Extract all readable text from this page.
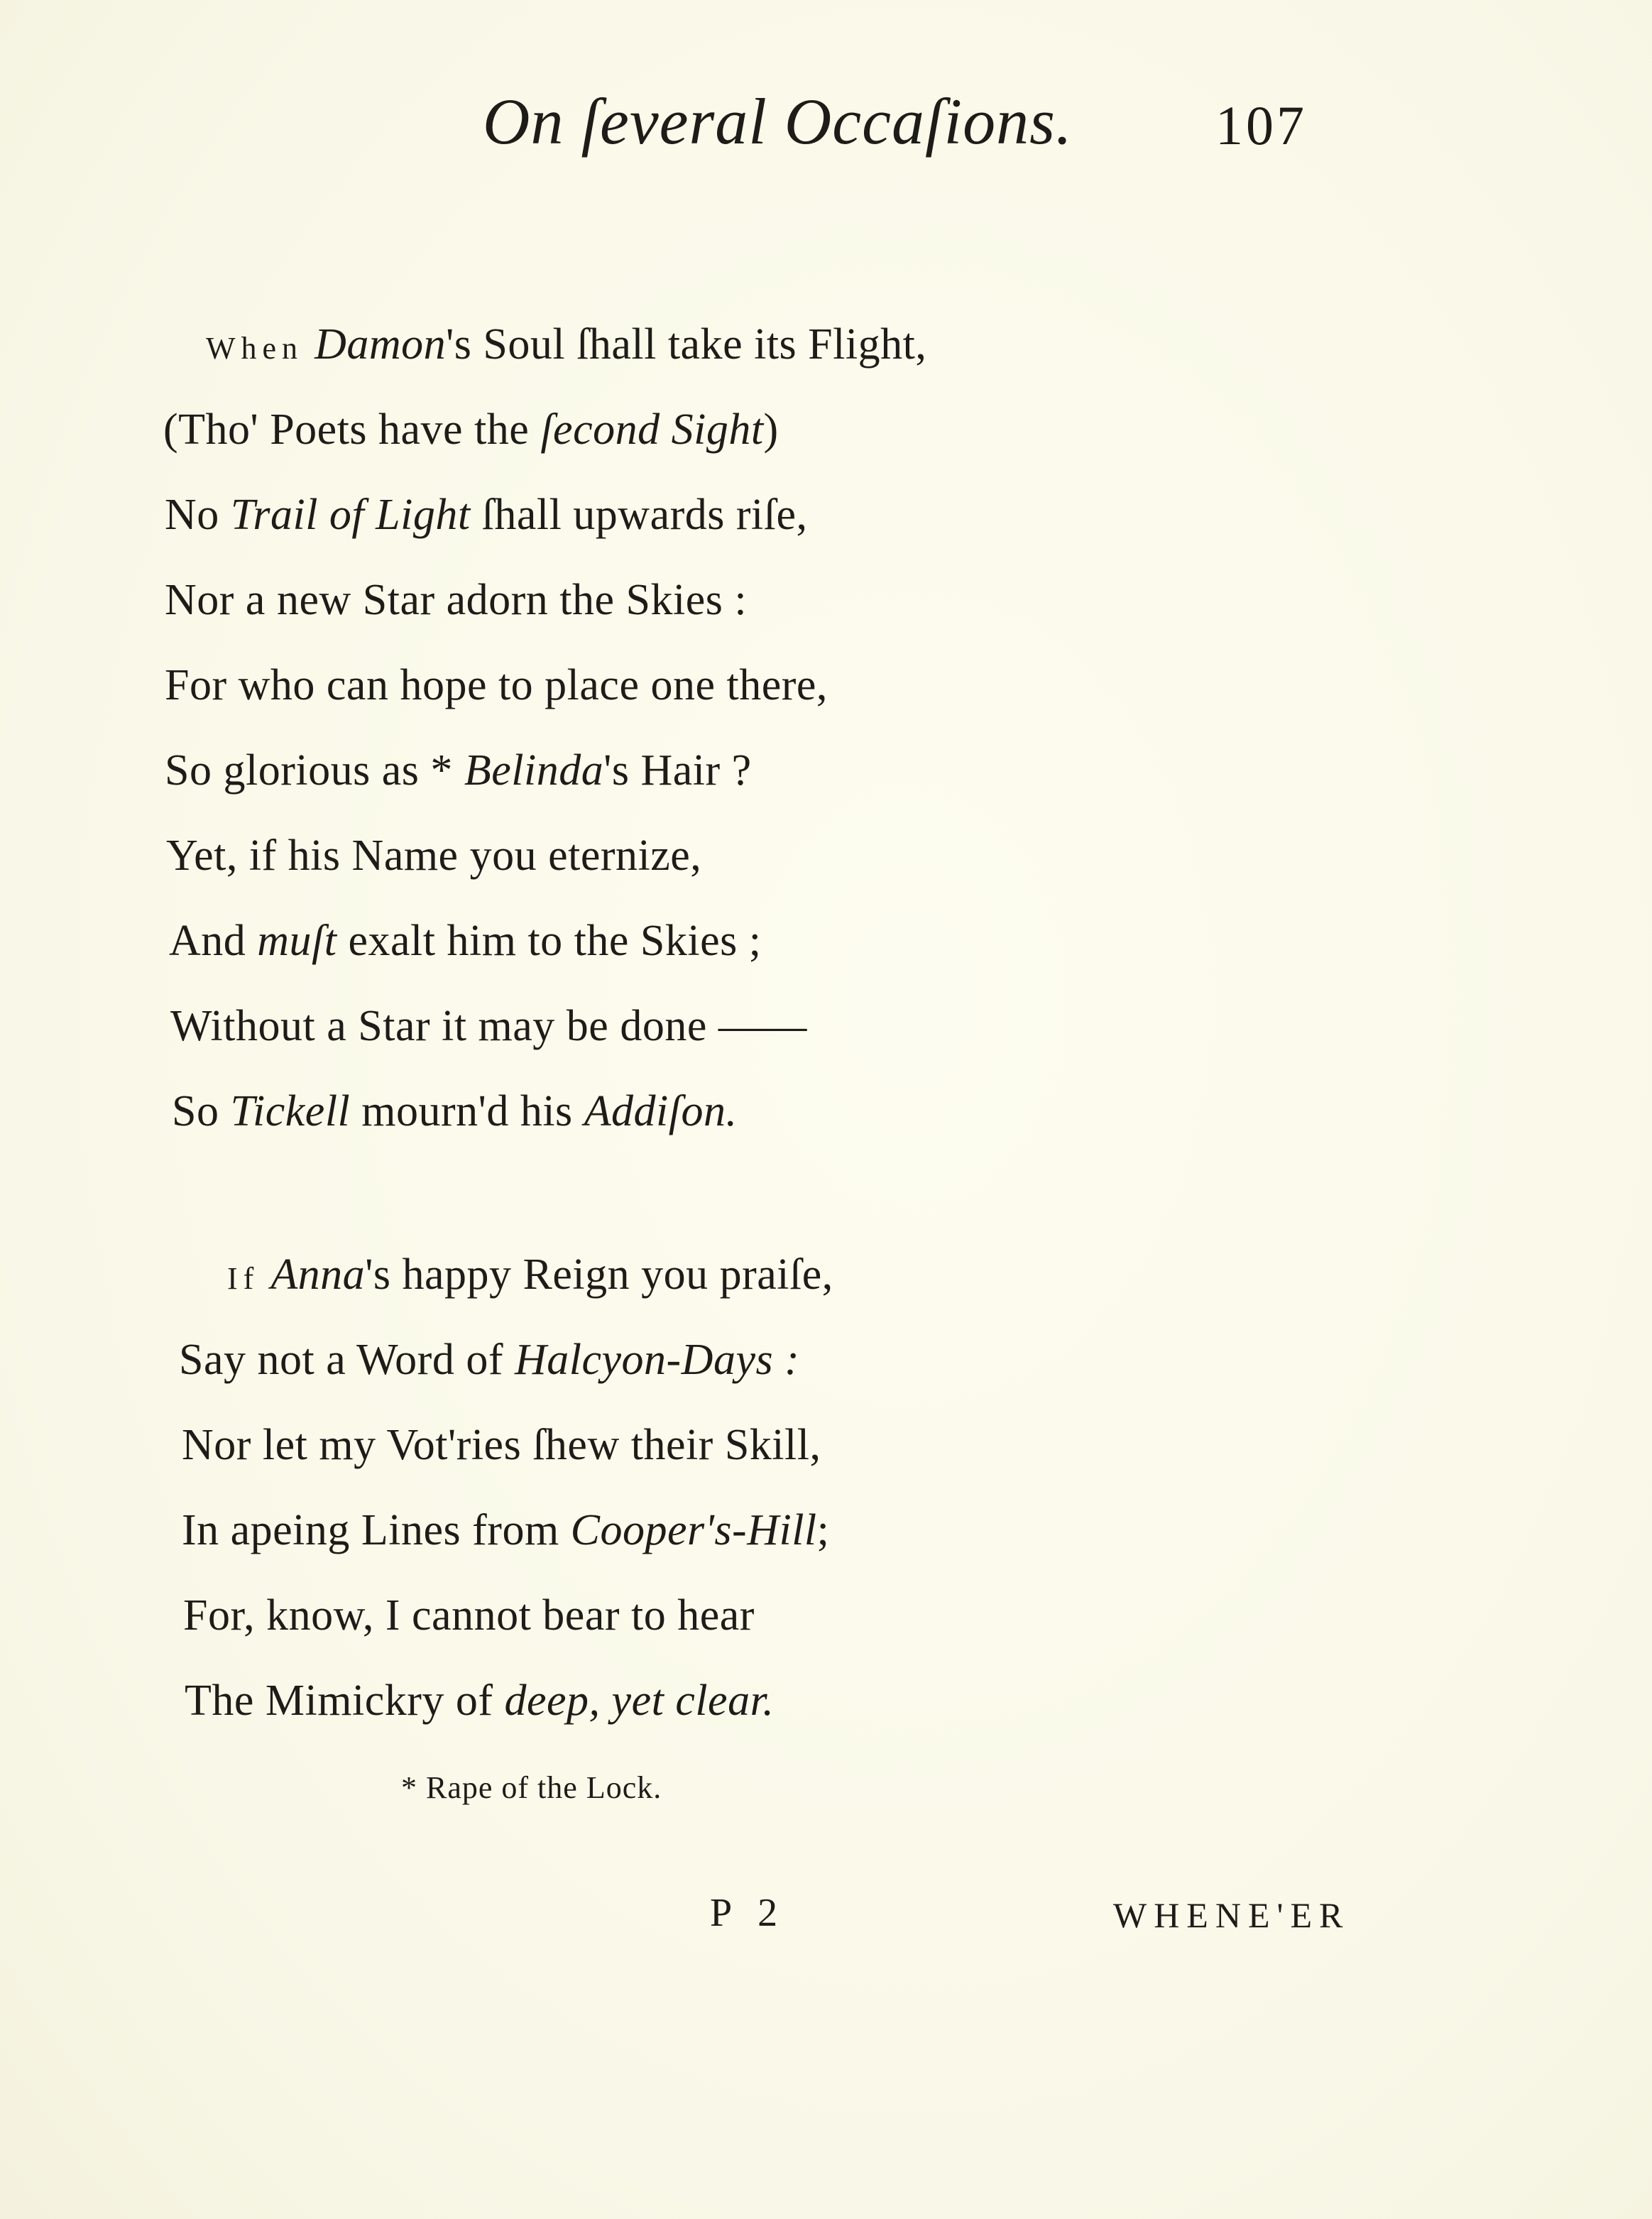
On ſeveral Occaſions.	107
When Damon's Soul ſhall take its Flight,
(Tho' Poets have the ſecond Sight)
No Trail of Light ſhall upwards riſe,
Nor a new Star adorn the Skies :
For who can hope to place one there,
So glorious as * Belinda's Hair ?
Yet, if his Name you eternize,
And muſt exalt him to the Skies ;
Without a Star it may be done ——
So Tickell mourn'd his Addiſon.
If Anna's happy Reign you praiſe,
Say not a Word of Halcyon-Days :
Nor let my Vot'ries ſhew their Skill,
In apeing Lines from Cooper's-Hill;
For, know, I cannot bear to hear
The Mimickry of deep, yet clear.
* Rape of the Lock.
P 2	WHENE'ER
